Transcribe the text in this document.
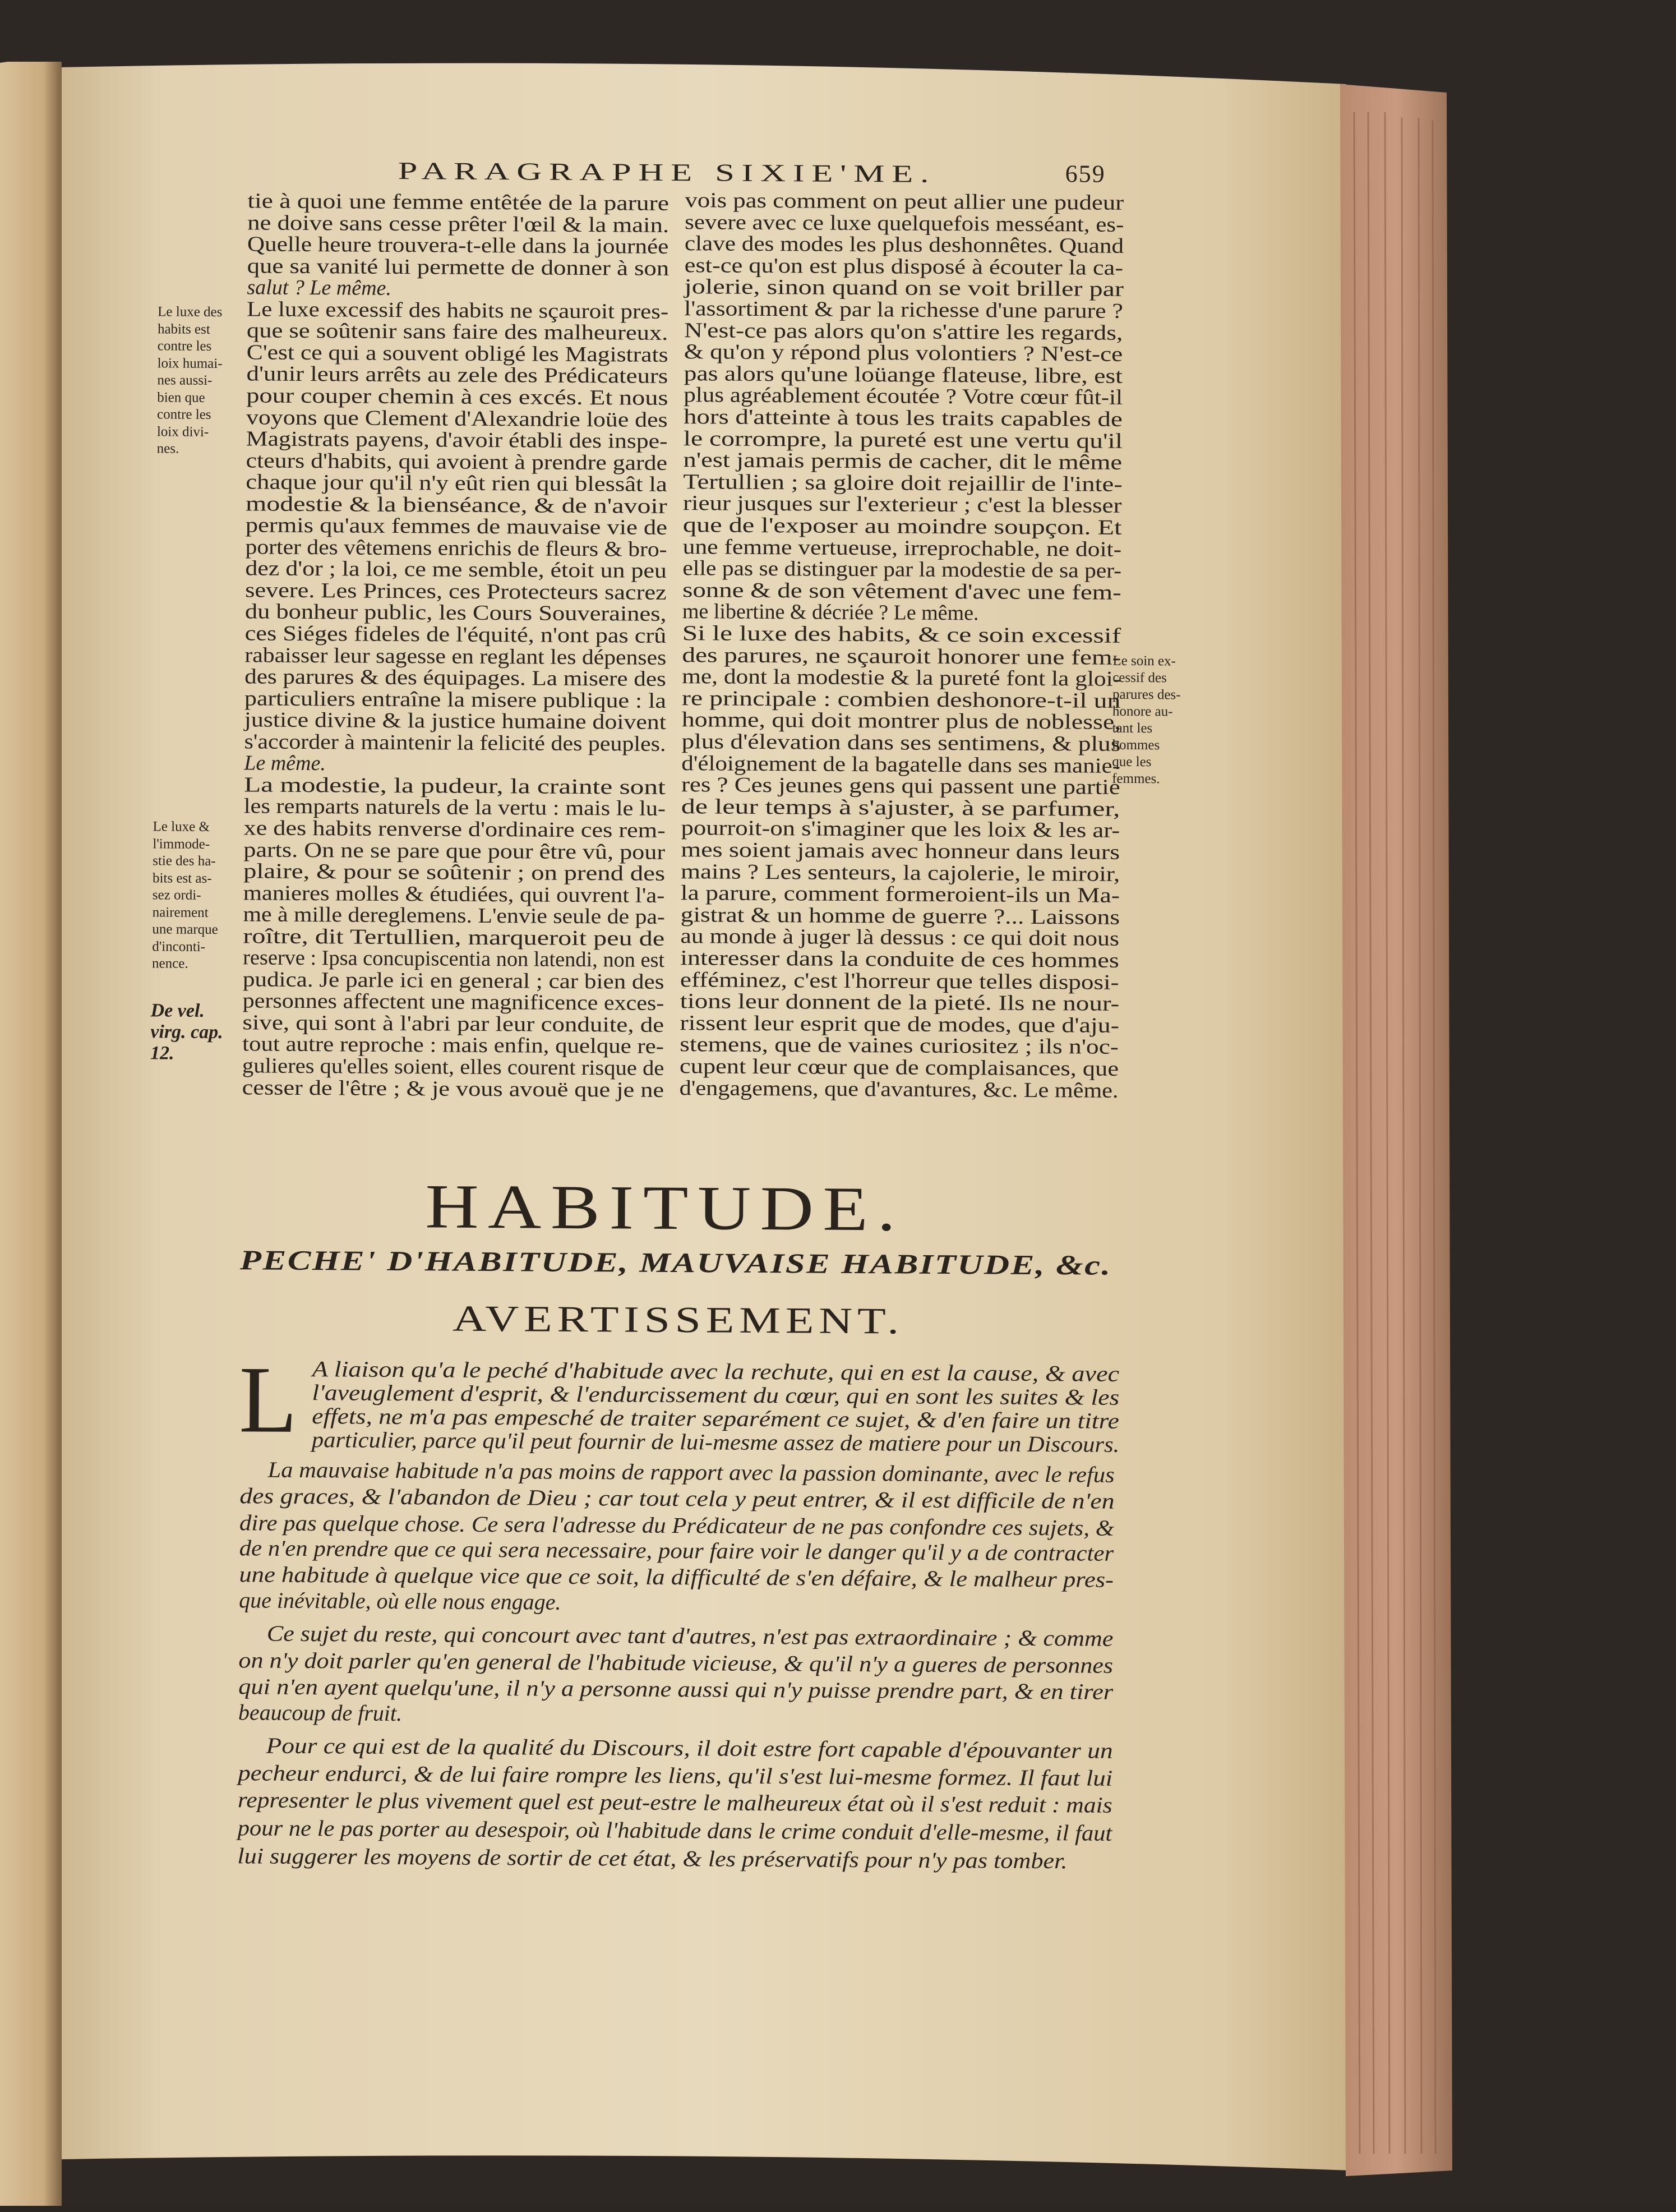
PARAGRAPHE SIXIE'ME.	659
tie à quoi une femme entêtée de la parure
ne doive sans cesse prêter l'œil & la main.
Quelle heure trouvera-t-elle dans la journée
que sa vanité lui permette de donner à son
salut ? Le même.
Le luxe excessif des habits ne sçauroit pres-
que se soûtenir sans faire des malheureux.
C'est ce qui a souvent obligé les Magistrats
d'unir leurs arrêts au zele des Prédicateurs
pour couper chemin à ces excés. Et nous
voyons que Clement d'Alexandrie loüe des
Magistrats payens, d'avoir établi des inspe-
cteurs d'habits, qui avoient à prendre garde
chaque jour qu'il n'y eût rien qui blessât la
modestie & la bienséance, & de n'avoir
permis qu'aux femmes de mauvaise vie de
porter des vêtemens enrichis de fleurs & bro-
dez d'or ; la loi, ce me semble, étoit un peu
severe. Les Princes, ces Protecteurs sacrez
du bonheur public, les Cours Souveraines,
ces Siéges fideles de l'équité, n'ont pas crû
rabaisser leur sagesse en reglant les dépenses
des parures & des équipages. La misere des
particuliers entraîne la misere publique : la
justice divine & la justice humaine doivent
s'accorder à maintenir la felicité des peuples.
Le même.
La modestie, la pudeur, la crainte sont
les remparts naturels de la vertu : mais le lu-
xe des habits renverse d'ordinaire ces rem-
parts. On ne se pare que pour être vû, pour
plaire, & pour se soûtenir ; on prend des
manieres molles & étudiées, qui ouvrent l'a-
me à mille dereglemens. L'envie seule de pa-
roître, dit Tertullien, marqueroit peu de
reserve : Ipsa concupiscentia non latendi, non est
pudica. Je parle ici en general ; car bien des
personnes affectent une magnificence exces-
sive, qui sont à l'abri par leur conduite, de
tout autre reproche : mais enfin, quelque re-
gulieres qu'elles soient, elles courent risque de
cesser de l'être ; & je vous avouë que je ne
vois pas comment on peut allier une pudeur
severe avec ce luxe quelquefois messéant, es-
clave des modes les plus deshonnêtes. Quand
est-ce qu'on est plus disposé à écouter la ca-
jolerie, sinon quand on se voit briller par
l'assortiment & par la richesse d'une parure ?
N'est-ce pas alors qu'on s'attire les regards,
& qu'on y répond plus volontiers ? N'est-ce
pas alors qu'une loüange flateuse, libre, est
plus agréablement écoutée ? Votre cœur fût-il
hors d'atteinte à tous les traits capables de
le corrompre, la pureté est une vertu qu'il
n'est jamais permis de cacher, dit le même
Tertullien ; sa gloire doit rejaillir de l'inte-
rieur jusques sur l'exterieur ; c'est la blesser
que de l'exposer au moindre soupçon. Et
une femme vertueuse, irreprochable, ne doit-
elle pas se distinguer par la modestie de sa per-
sonne & de son vêtement d'avec une fem-
me libertine & décriée ? Le même.
Si le luxe des habits, & ce soin excessif
des parures, ne sçauroit honorer une fem-
me, dont la modestie & la pureté font la gloi-
re principale : combien deshonore-t-il un
homme, qui doit montrer plus de noblesse,
plus d'élevation dans ses sentimens, & plus
d'éloignement de la bagatelle dans ses manie-
res ? Ces jeunes gens qui passent une partie
de leur temps à s'ajuster, à se parfumer,
pourroit-on s'imaginer que les loix & les ar-
mes soient jamais avec honneur dans leurs
mains ? Les senteurs, la cajolerie, le miroir,
la parure, comment formeroient-ils un Ma-
gistrat & un homme de guerre ?... Laissons
au monde à juger là dessus : ce qui doit nous
interesser dans la conduite de ces hommes
efféminez, c'est l'horreur que telles disposi-
tions leur donnent de la pieté. Ils ne nour-
rissent leur esprit que de modes, que d'aju-
stemens, que de vaines curiositez ; ils n'oc-
cupent leur cœur que de complaisances, que
d'engagemens, que d'avantures, &c. Le même.
Le luxe des
habits est
contre les
loix humai-
nes aussi-
bien que
contre les
loix divi-
nes.
Le luxe &
l'immode-
stie des ha-
bits est as-
sez ordi-
nairement
une marque
d'inconti-
nence.
De vel.
virg. cap.
12.
Le soin ex-
cessif des
parures des-
honore au-
tant les
hommes
que les
femmes.
HABITUDE.
PECHE' D'HABITUDE, MAUVAISE HABITUDE, &c.
AVERTISSEMENT.
L A liaison qu'a le peché d'habitude avec la rechute, qui en est la cause, & avec
l'aveuglement d'esprit, & l'endurcissement du cœur, qui en sont les suites & les
effets, ne m'a pas empesché de traiter separément ce sujet, & d'en faire un titre
particulier, parce qu'il peut fournir de lui-mesme assez de matiere pour un Discours.
La mauvaise habitude n'a pas moins de rapport avec la passion dominante, avec le refus
des graces, & l'abandon de Dieu ; car tout cela y peut entrer, & il est difficile de n'en
dire pas quelque chose. Ce sera l'adresse du Prédicateur de ne pas confondre ces sujets, &
de n'en prendre que ce qui sera necessaire, pour faire voir le danger qu'il y a de contracter
une habitude à quelque vice que ce soit, la difficulté de s'en défaire, & le malheur pres-
que inévitable, où elle nous engage.
Ce sujet du reste, qui concourt avec tant d'autres, n'est pas extraordinaire ; & comme
on n'y doit parler qu'en general de l'habitude vicieuse, & qu'il n'y a gueres de personnes
qui n'en ayent quelqu'une, il n'y a personne aussi qui n'y puisse prendre part, & en tirer
beaucoup de fruit.
Pour ce qui est de la qualité du Discours, il doit estre fort capable d'épouvanter un
pecheur endurci, & de lui faire rompre les liens, qu'il s'est lui-mesme formez. Il faut lui
representer le plus vivement quel est peut-estre le malheureux état où il s'est reduit : mais
pour ne le pas porter au desespoir, où l'habitude dans le crime conduit d'elle-mesme, il faut
lui suggerer les moyens de sortir de cet état, & les préservatifs pour n'y pas tomber.
